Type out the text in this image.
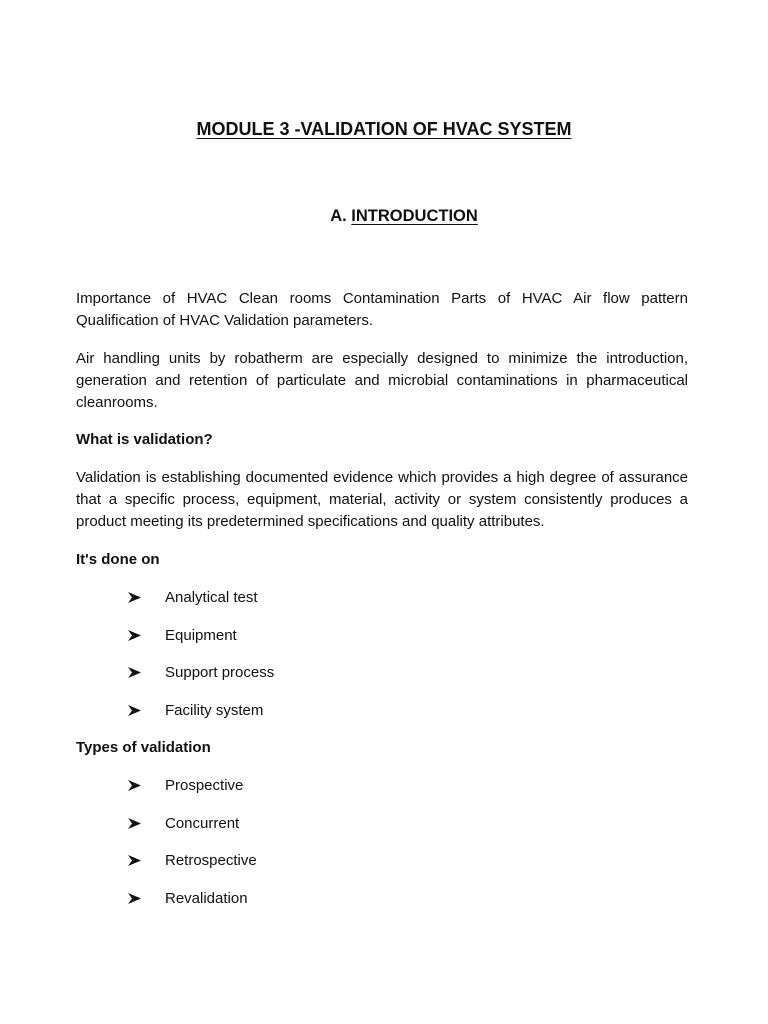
MODULE 3 -VALIDATION OF HVAC SYSTEM
A. INTRODUCTION

Importance of HVAC Clean rooms Contamination Parts of HVAC Air flow pattern Qualification of HVAC Validation parameters.

Air handling units by robatherm are especially designed to minimize the introduction, generation and retention of particulate and microbial contaminations in pharmaceutical cleanrooms.

What is validation?

Validation is establishing documented evidence which provides a high degree of assurance that a specific process, equipment, material, activity or system consistently produces a product meeting its predetermined specifications and quality attributes.

It's done on

Analytical test
Equipment
Support process
Facility system

Types of validation

Prospective
Concurrent
Retrospective
Revalidation
